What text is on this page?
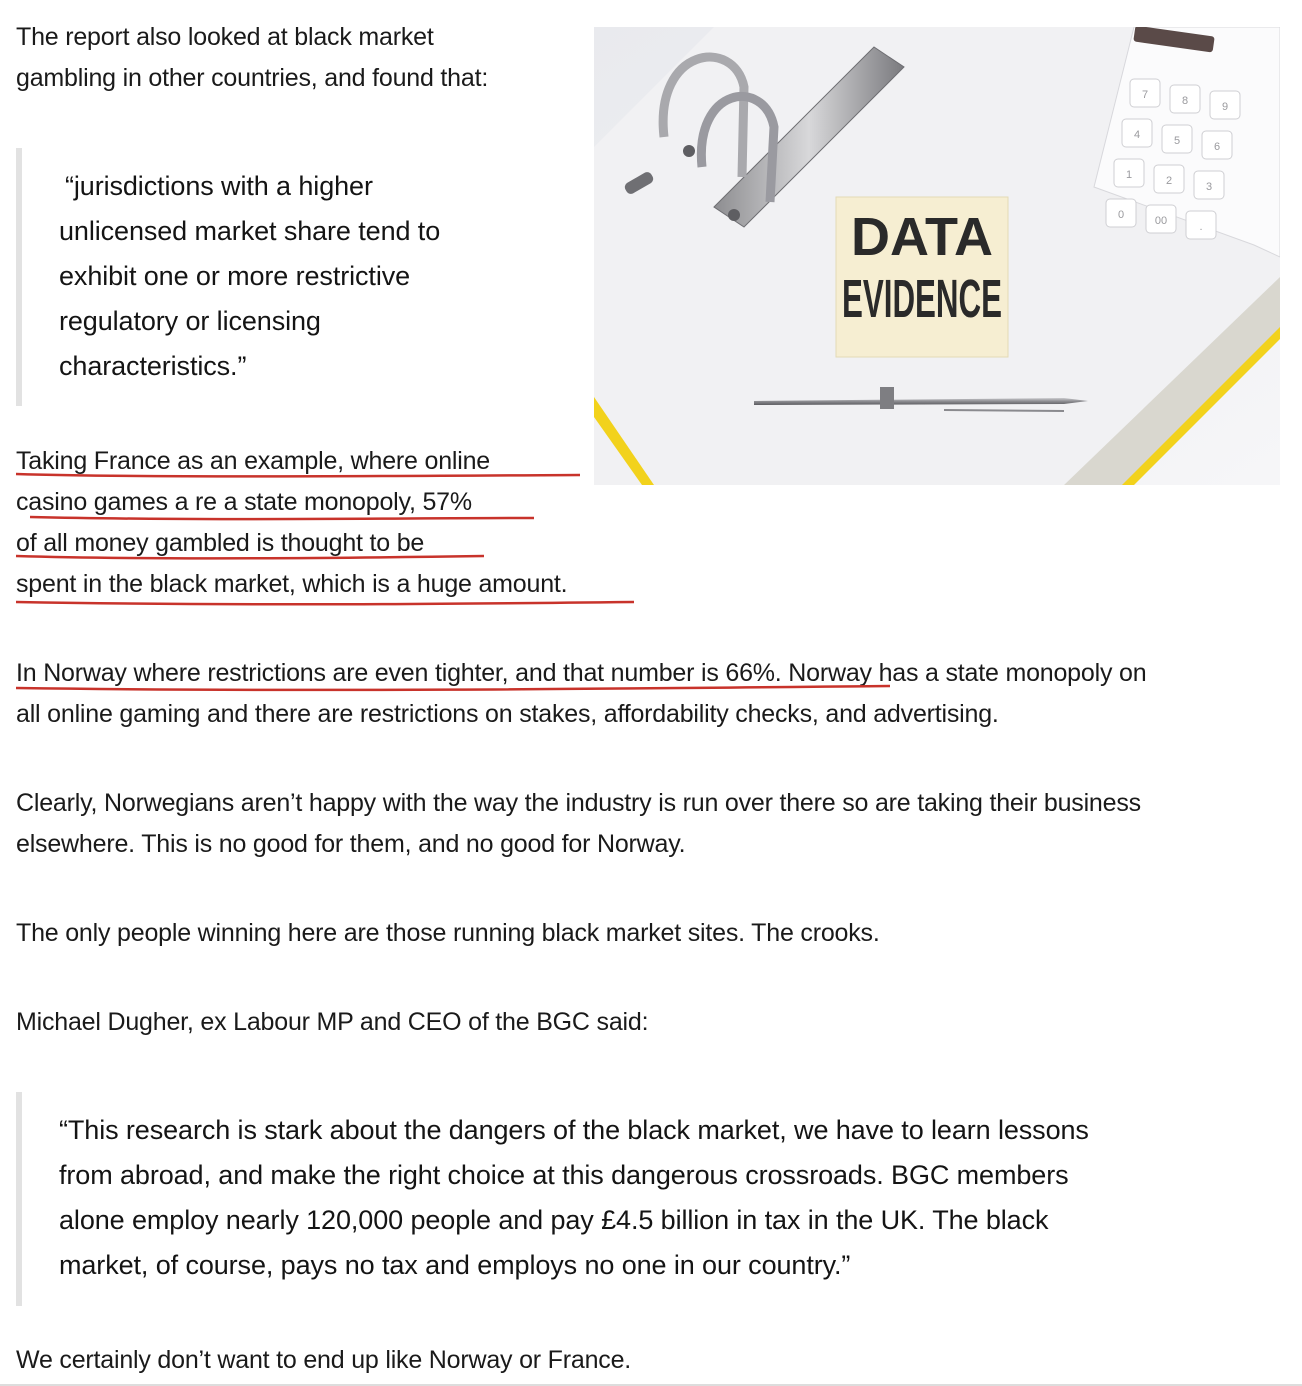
The report also looked at black market

gambling in other countries, and found that:

“jurisdictions with a higher

unlicensed market share tend to

exhibit one or more restrictive

regulatory or licensing

characteristics.”

Taking France as an example, where online

casino games a re a state monopoly, 57%

of all money gambled is thought to be

spent in the black market, which is a huge amount.

In Norway where restrictions are even tighter, and that number is 66%. Norway has a state monopoly on

all online gaming and there are restrictions on stakes, affordability checks, and advertising.

Clearly, Norwegians aren’t happy with the way the industry is run over there so are taking their business

elsewhere. This is no good for them, and no good for Norway.

The only people winning here are those running black market sites. The crooks.

Michael Dugher, ex Labour MP and CEO of the BGC said:

“This research is stark about the dangers of the black market, we have to learn lessons

from abroad, and make the right choice at this dangerous crossroads. BGC members

alone employ nearly 120,000 people and pay £4.5 billion in tax in the UK. The black

market, of course, pays no tax and employs no one in our country.”

We certainly don’t want to end up like Norway or France.

7	8	9
4	5	6
1	2	3
0	00	.
DATA
EVIDENCE
